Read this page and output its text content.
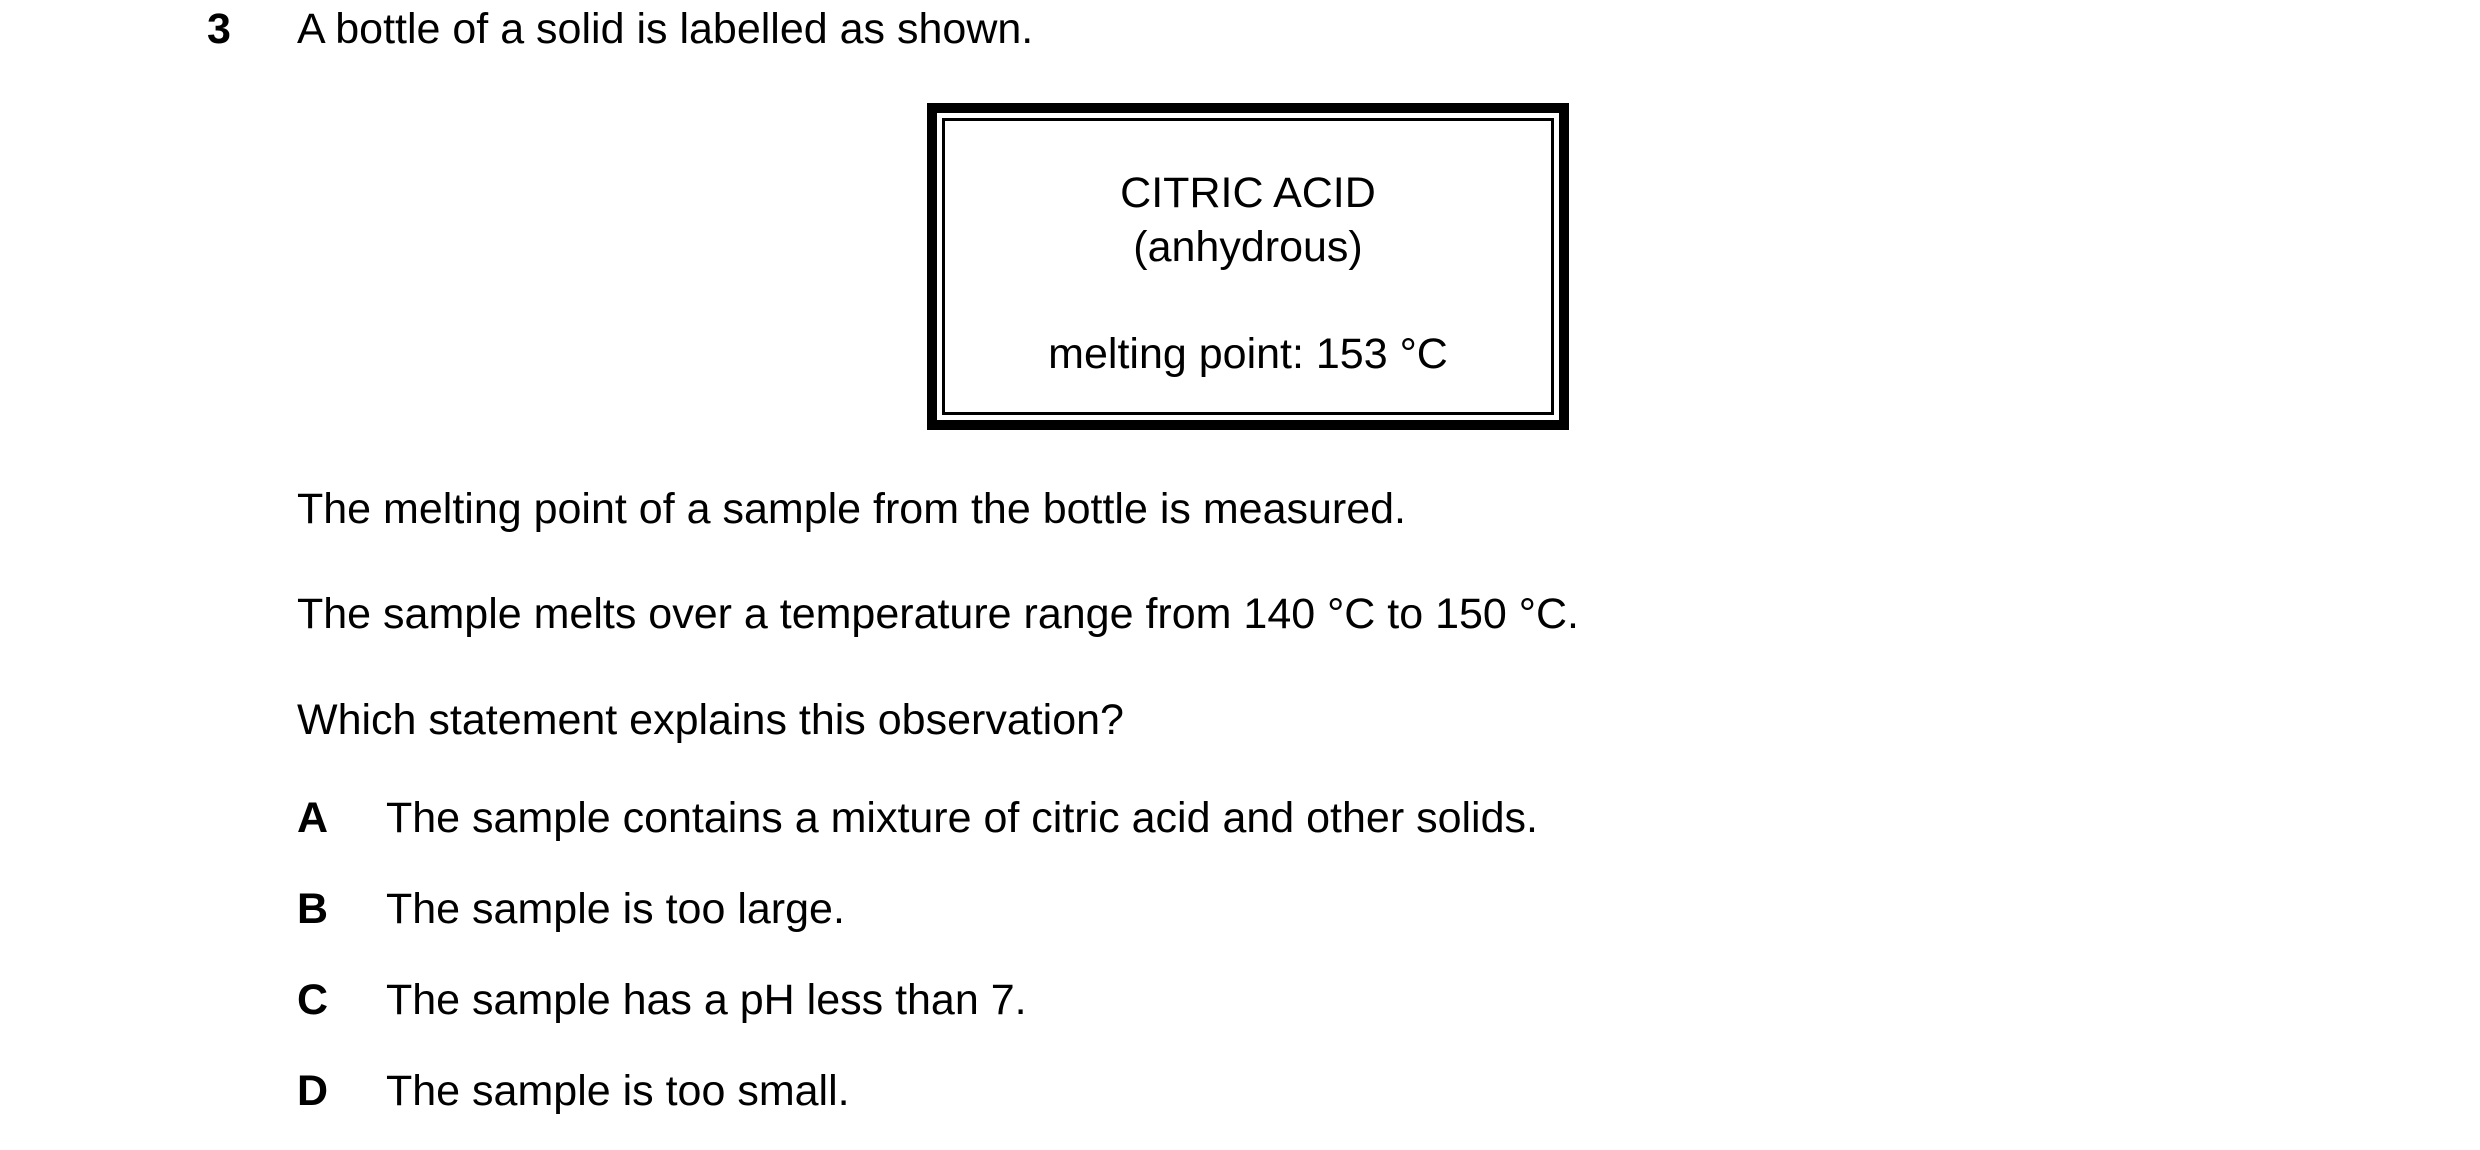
3 A bottle of a solid is labelled as shown.
CITRIC ACID
(anhydrous)
melting point: 153 °C
The melting point of a sample from the bottle is measured.
The sample melts over a temperature range from 140 °C to 150 °C.
Which statement explains this observation?
A The sample contains a mixture of citric acid and other solids.
B The sample is too large.
C The sample has a pH less than 7.
D The sample is too small.
